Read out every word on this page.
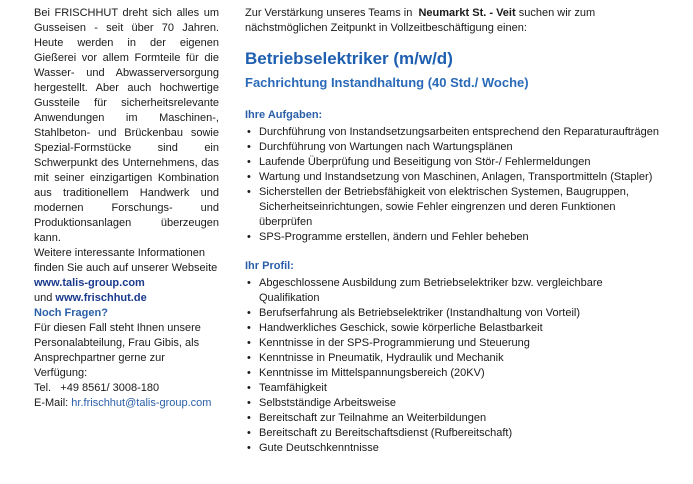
Bei FRISCHHUT dreht sich alles um Gusseisen - seit über 70 Jahren. Heute werden in der eigenen Gießerei vor allem Formteile für die Wasser- und Abwasserversorgung hergestellt. Aber auch hochwertige Gussteile für sicherheitsrelevante Anwendungen im Maschinen-, Stahlbeton- und Brückenbau sowie Spezial-Formstücke sind ein Schwerpunkt des Unternehmens, das mit seiner einzigartigen Kombination aus traditionellem Handwerk und modernen Forschungs- und Produktionsanlagen überzeugen kann.

Weitere interessante Informationen finden Sie auch auf unserer Webseite
www.talis-group.com
und www.frischhut.de

Noch Fragen?
Für diesen Fall steht Ihnen unsere Personalabteilung, Frau Gibis, als Ansprechpartner gerne zur Verfügung:
Tel. +49 8561/ 3008-180
E-Mail: hr.frischhut@talis-group.com

Zur Verstärkung unseres Teams in Neumarkt St. - Veit suchen wir zum nächstmöglichen Zeitpunkt in Vollzeitbeschäftigung einen:

Betriebselektriker (m/w/d)
Fachrichtung Instandhaltung (40 Std./ Woche)
Ihre Aufgaben:
• Durchführung von Instandsetzungsarbeiten entsprechend den Reparaturaufträgen
• Durchführung von Wartungen nach Wartungsplänen
• Laufende Überprüfung und Beseitigung von Stör-/ Fehlermeldungen
• Wartung und Instandsetzung von Maschinen, Anlagen, Transportmitteln (Stapler)
• Sicherstellen der Betriebsfähigkeit von elektrischen Systemen, Baugruppen, Sicherheitseinrichtungen, sowie Fehler eingrenzen und deren Funktionen überprüfen
• SPS-Programme erstellen, ändern und Fehler beheben
Ihr Profil:
• Abgeschlossene Ausbildung zum Betriebselektriker bzw. vergleichbare Qualifikation
• Berufserfahrung als Betriebselektriker (Instandhaltung von Vorteil)
• Handwerkliches Geschick, sowie körperliche Belastbarkeit
• Kenntnisse in der SPS-Programmierung und Steuerung
• Kenntnisse in Pneumatik, Hydraulik und Mechanik
• Kenntnisse im Mittelspannungsbereich (20KV)
• Teamfähigkeit
• Selbstständige Arbeitsweise
• Bereitschaft zur Teilnahme an Weiterbildungen
• Bereitschaft zu Bereitschaftsdienst (Rufbereitschaft)
• Gute Deutschkenntnisse
